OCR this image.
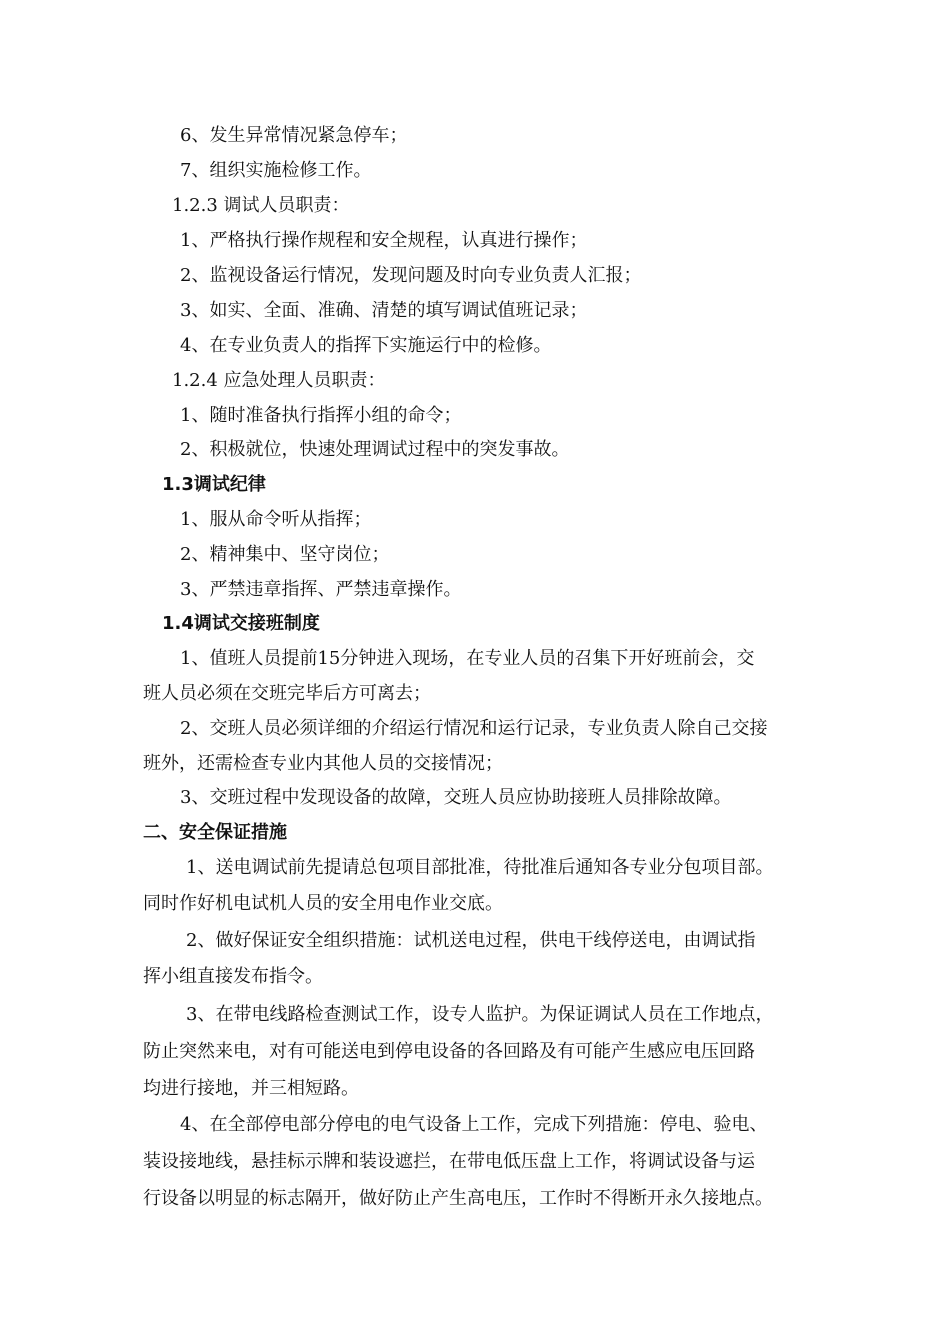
6、发生异常情况紧急停车；

7、组织实施检修工作。

1.2.3 调试人员职责：

1、严格执行操作规程和安全规程，认真进行操作；

2、监视设备运行情况，发现问题及时向专业负责人汇报；

3、如实、全面、准确、清楚的填写调试值班记录；

4、在专业负责人的指挥下实施运行中的检修。

1.2.4 应急处理人员职责：

1、随时准备执行指挥小组的命令；

2、积极就位，快速处理调试过程中的突发事故。

1.3调试纪律

1、服从命令听从指挥；

2、精神集中、坚守岗位；

3、严禁违章指挥、严禁违章操作。

1.4调试交接班制度

1、值班人员提前15分钟进入现场，在专业人员的召集下开好班前会，交

班人员必须在交班完毕后方可离去；

2、交班人员必须详细的介绍运行情况和运行记录，专业负责人除自己交接

班外，还需检查专业内其他人员的交接情况；

3、交班过程中发现设备的故障，交班人员应协助接班人员排除故障。

二、安全保证措施

1、送电调试前先提请总包项目部批准，待批准后通知各专业分包项目部。

同时作好机电试机人员的安全用电作业交底。

2、做好保证安全组织措施：试机送电过程，供电干线停送电，由调试指

挥小组直接发布指令。

3、在带电线路检查测试工作，设专人监护。为保证调试人员在工作地点，

防止突然来电，对有可能送电到停电设备的各回路及有可能产生感应电压回路

均进行接地，并三相短路。

4、在全部停电部分停电的电气设备上工作，完成下列措施：停电、验电、

装设接地线，悬挂标示牌和装设遮拦，在带电低压盘上工作，将调试设备与运

行设备以明显的标志隔开，做好防止产生高电压，工作时不得断开永久接地点。
